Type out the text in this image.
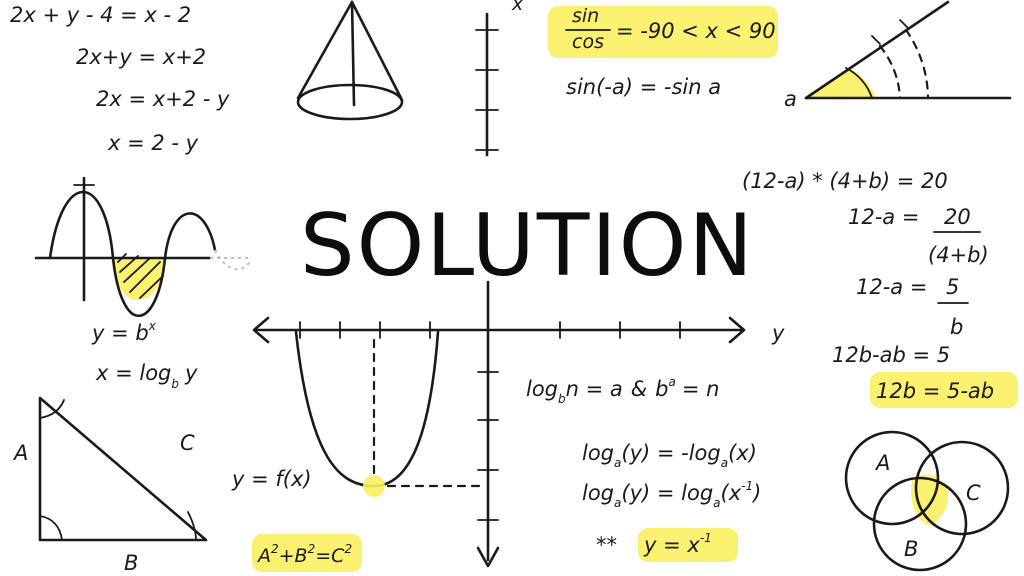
2x + y - 4 = x - 2
2x+y = x+2
2x = x+2 - y
x = 2 - y
x
sin
cos = -90 < x < 90
sin(-a) = -sin a	a
$y = b^x$
$x = \log_b y$
SOLUTION
y
y = f(x)
A
B
C
$A^2+B^2=C^2$
(12-a) * (4+b) = 20
12-a = 20
(4+b)
12-a = 5
b
12b-ab = 5
12b = 5-ab
$\log_bn = a$ & $b^a = n$
$\log_a(y) = -\log_a(x)$
$\log_a(y) = \log_a(x^{-1})$
** $y = x^{-1}$
A
B
C
